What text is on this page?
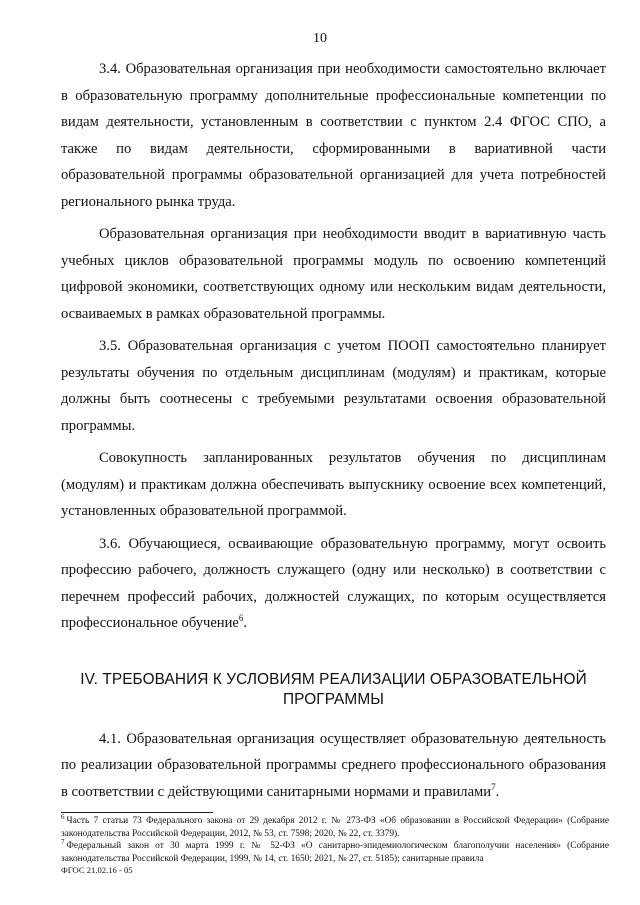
10

3.4. Образовательная организация при необходимости самостоятельно включает в образовательную программу дополнительные профессиональные компетенции по видам деятельности, установленным в соответствии с пунктом 2.4 ФГОС СПО, а также по видам деятельности, сформированными в вариативной части образовательной программы образовательной организацией для учета потребностей регионального рынка труда.

Образовательная организация при необходимости вводит в вариативную часть учебных циклов образовательной программы модуль по освоению компетенций цифровой экономики, соответствующих одному или нескольким видам деятельности, осваиваемых в рамках образовательной программы.

3.5. Образовательная организация с учетом ПООП самостоятельно планирует результаты обучения по отдельным дисциплинам (модулям) и практикам, которые должны быть соотнесены с требуемыми результатами освоения образовательной программы.

Совокупность запланированных результатов обучения по дисциплинам (модулям) и практикам должна обеспечивать выпускнику освоение всех компетенций, установленных образовательной программой.

3.6. Обучающиеся, осваивающие образовательную программу, могут освоить профессию рабочего, должность служащего (одну или несколько) в соответствии с перечнем профессий рабочих, должностей служащих, по которым осуществляется профессиональное обучение$^6$.

IV. ТРЕБОВАНИЯ К УСЛОВИЯМ РЕАЛИЗАЦИИ ОБРАЗОВАТЕЛЬНОЙ
ПРОГРАММЫ

4.1. Образовательная организация осуществляет образовательную деятельность по реализации образовательной программы среднего профессионального образования в соответствии с действующими санитарными нормами и правилами$^7$.

$^6$ Часть 7 статьи 73 Федерального закона от 29 декабря 2012 г. № 273-ФЗ «Об образовании в Российской Федерации» (Собрание законодательства Российской Федерации, 2012, № 53, ст. 7598; 2020, № 22, ст. 3379).

$^7$ Федеральный закон от 30 марта 1999 г. № 52-ФЗ «О санитарно-эпидемиологическом благополучии населения» (Собрание законодательства Российской Федерации, 1999, № 14, ст. 1650; 2021, № 27, ст. 5185); санитарные правила

ФГОС 21.02.16 - 05
